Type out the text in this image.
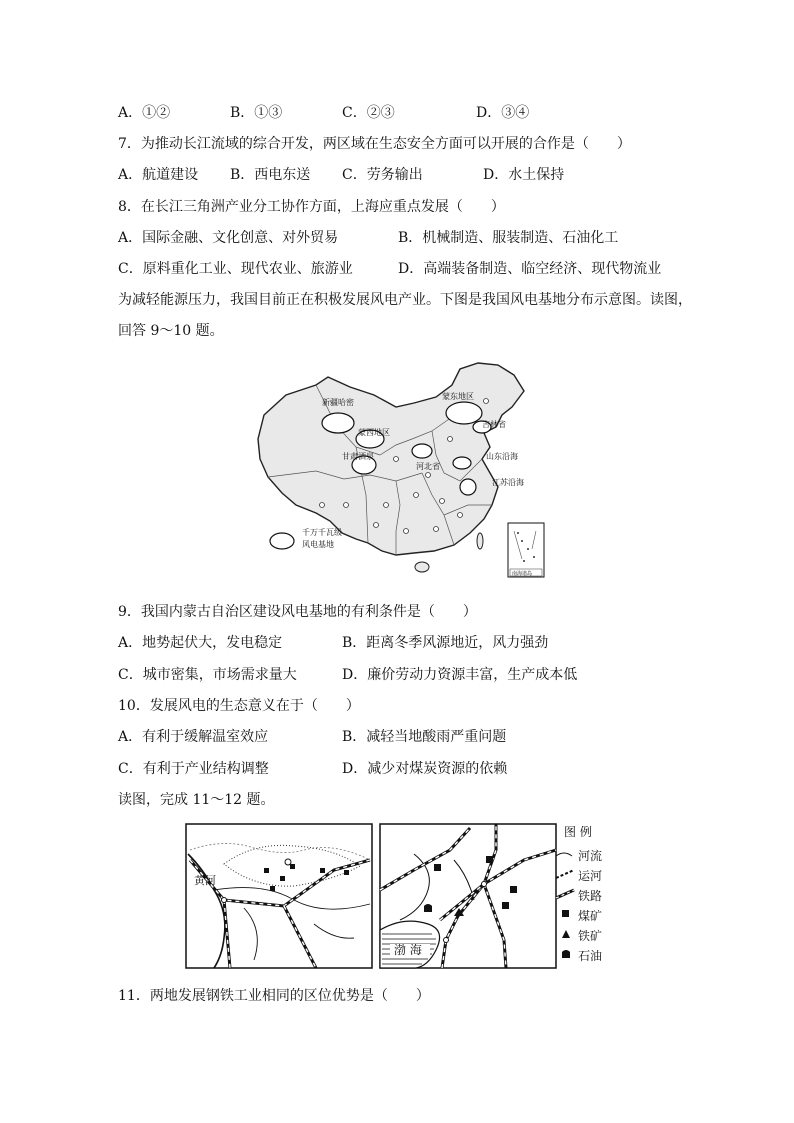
A．①②	B．①③	C．②③	D．③④
7．为推动长江流域的综合开发，两区域在生态安全方面可以开展的合作是（　　）
A．航道建设 B．西电东送 C．劳务输出	D．水土保持
8．在长江三角洲产业分工协作方面，上海应重点发展（　　）
A．国际金融、文化创意、对外贸易	B．机械制造、服装制造、石油化工
C．原料重化工业、现代农业、旅游业	D．高端装备制造、临空经济、现代物流业
为减轻能源压力，我国目前正在积极发展风电产业。下图是我国风电基地分布示意图。读图，
回答 9～10 题。
新疆哈密
蒙东地区
吉林省
蒙西地区
甘肃酒泉
河北省
山东沿海
江苏沿海
千万千瓦级
风电基地
南海诸岛
9．我国内蒙古自治区建设风电基地的有利条件是（　　）
A．地势起伏大，发电稳定	B．距离冬季风源地近，风力强劲
C．城市密集，市场需求量大	D．廉价劳动力资源丰富，生产成本低
10．发展风电的生态意义在于（　　）
A．有利于缓解温室效应	B．减轻当地酸雨严重问题
C．有利于产业结构调整	D．减少对煤炭资源的依赖
读图，完成 11～12 题。
黄河
渤 海
图 例
河流
运河
铁路
煤矿
铁矿
石油
11．两地发展钢铁工业相同的区位优势是（　　）
